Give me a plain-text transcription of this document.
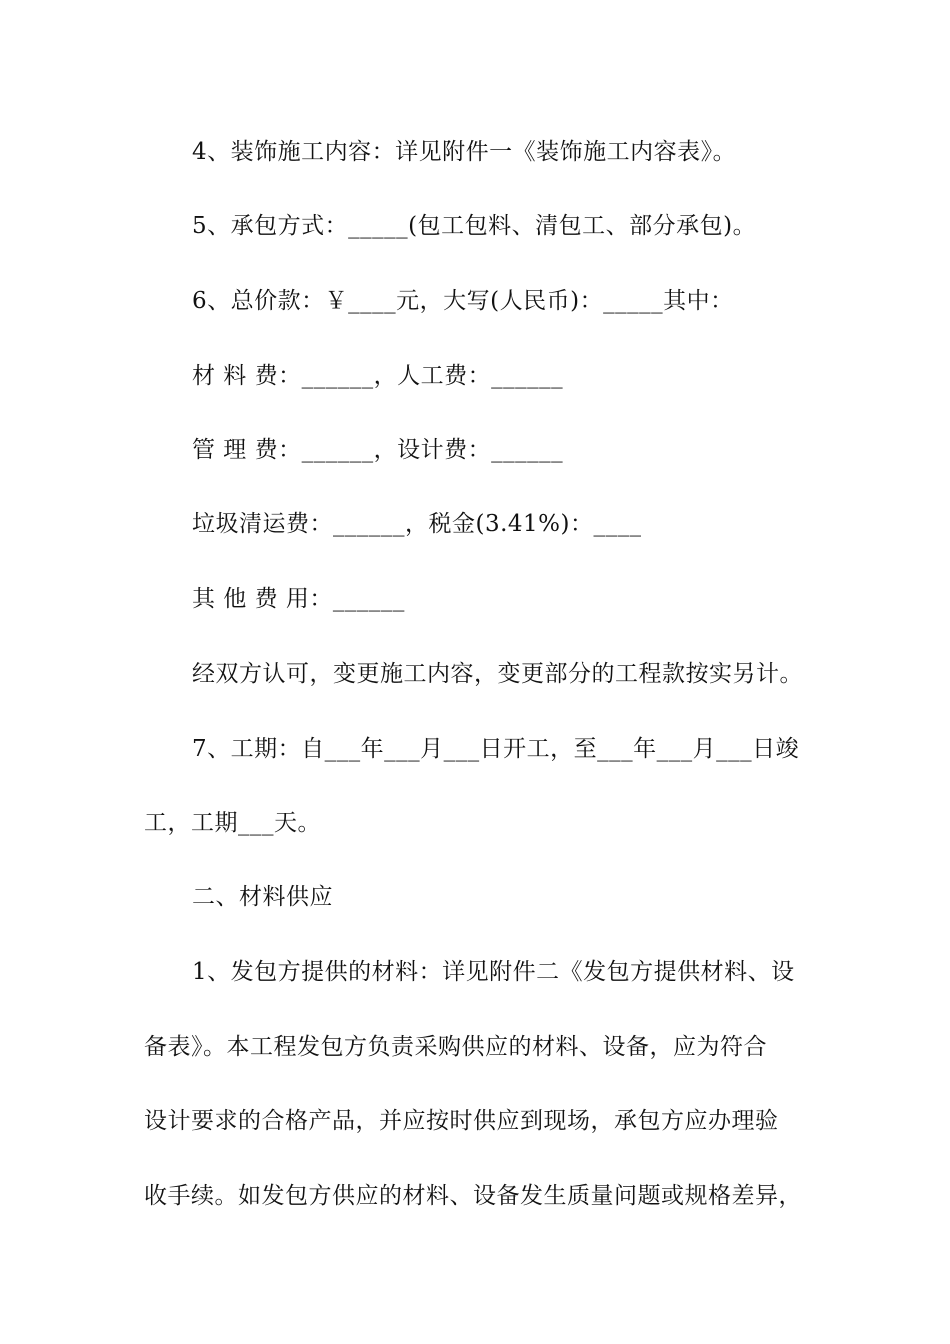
4、装饰施工内容：详见附件一《装饰施工内容表》。
5、承包方式：_____(包工包料、清包工、部分承包)。
6、总价款：￥____元，大写(人民币)：_____其中：
材 料 费：______，人工费：______
管 理 费：______，设计费：______
垃圾清运费：______，税金(3.41%)：____
其 他 费 用：______
经双方认可，变更施工内容，变更部分的工程款按实另计。
7、工期：自___年___月___日开工，至___年___月___日竣
工，工期___天。
二、材料供应
1、发包方提供的材料：详见附件二《发包方提供材料、设
备表》。本工程发包方负责采购供应的材料、设备，应为符合
设计要求的合格产品，并应按时供应到现场，承包方应办理验
收手续。如发包方供应的材料、设备发生质量问题或规格差异，
